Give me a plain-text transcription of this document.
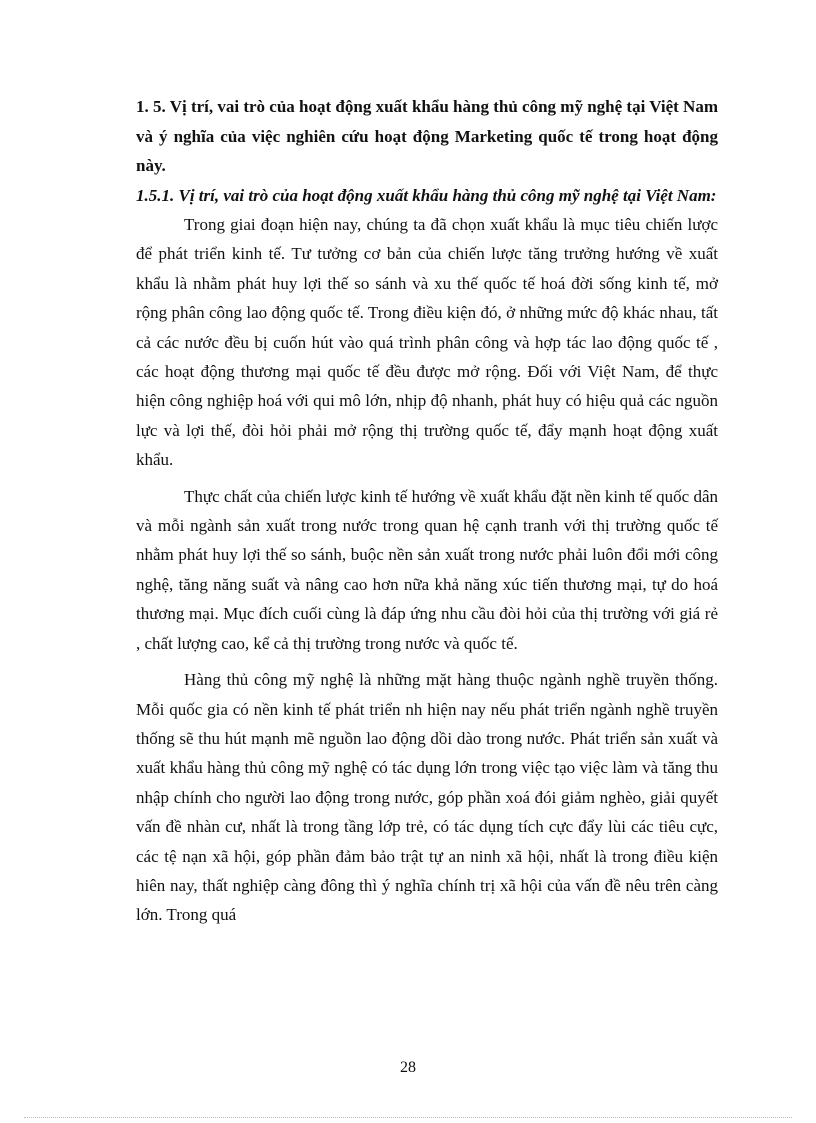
1. 5. Vị trí, vai trò của hoạt động xuất khẩu hàng thủ công mỹ nghệ tại Việt Nam và ý nghĩa của việc nghiên cứu hoạt động Marketing quốc tế trong hoạt động này.

1.5.1. Vị trí, vai trò của hoạt động xuất khẩu hàng thủ công mỹ nghệ tại Việt Nam:

Trong giai đoạn hiện nay, chúng ta đã chọn xuất khẩu là mục tiêu chiến lược để phát triển kinh tế. Tư tưởng cơ bản của chiến lược tăng trưởng hướng về xuất khẩu là nhằm phát huy lợi thế so sánh và xu thế quốc tế hoá đời sống kinh tế, mở rộng phân công lao động quốc tế. Trong điều kiện đó, ở những mức độ khác nhau, tất cả các nước đều bị cuốn hút vào quá trình phân công và hợp tác lao động quốc tế , các hoạt động thương mại quốc tế đều được mở rộng. Đối với Việt Nam, để thực hiện công nghiệp hoá với qui mô lớn, nhịp độ nhanh, phát huy có hiệu quả các nguồn lực và lợi thế, đòi hỏi phải mở rộng thị trường quốc tế, đẩy mạnh hoạt động xuất khẩu.

Thực chất của chiến lược kinh tế hướng về xuất khẩu đặt nền kinh tế quốc dân và mỗi ngành sản xuất trong nước trong quan hệ cạnh tranh với thị trường quốc tế nhằm phát huy lợi thế so sánh, buộc nền sản xuất trong nước phải luôn đổi mới công nghệ, tăng năng suất và nâng cao hơn nữa khả năng xúc tiến thương mại, tự do hoá thương mại. Mục đích cuối cùng là đáp ứng nhu cầu đòi hỏi của thị trường với giá rẻ , chất lượng cao, kể cả thị trường trong nước và quốc tế.

Hàng thủ công mỹ nghệ là những mặt hàng thuộc ngành nghề truyền thống. Mỗi quốc gia có nền kinh tế phát triển nh hiện nay nếu phát triển ngành nghề truyền thống sẽ thu hút mạnh mẽ nguồn lao động dồi dào trong nước. Phát triển sản xuất và xuất khẩu hàng thủ công mỹ nghệ có tác dụng lớn trong việc tạo việc làm và tăng thu nhập chính cho người lao động trong nước, góp phần xoá đói giảm nghèo, giải quyết vấn đề nhàn cư, nhất là trong tầng lớp trẻ, có tác dụng tích cực đẩy lùi các tiêu cực, các tệ nạn xã hội, góp phần đảm bảo trật tự an ninh xã hội, nhất là trong điều kiện hiên nay, thất nghiệp càng đông thì ý nghĩa chính trị xã hội của vấn đề nêu trên càng lớn. Trong quá

28
